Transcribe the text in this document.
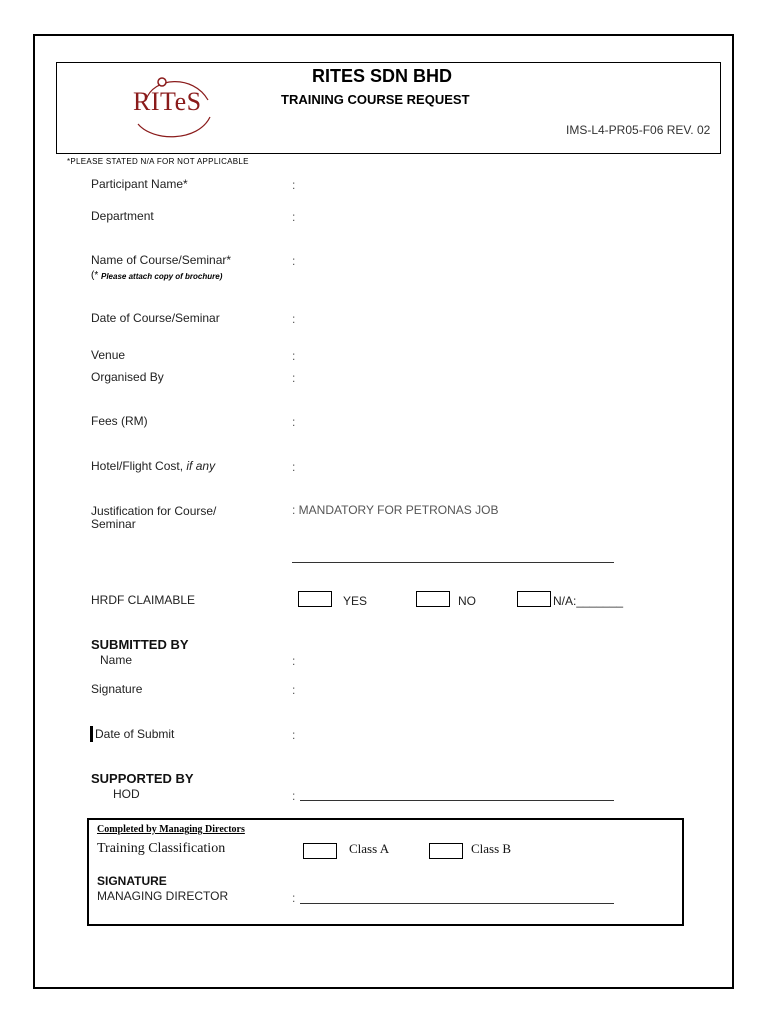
RITeS
RITES SDN BHD
TRAINING COURSE REQUEST
IMS-L4-PR05-F06 REV. 02
*PLEASE STATED N/A FOR NOT APPLICABLE
Participant Name*	:
Department	:
Name of Course/Seminar*
(* Please attach copy of brochure)
:
Date of Course/Seminar	:
Venue	:
Organised By	:
Fees (RM)	:
Hotel/Flight Cost, if any	:
Justification for Course/
Seminar
: MANDATORY FOR PETRONAS JOB
HRDF CLAIMABLE	YES	NO	N/A:_______
SUBMITTED BY
Name	:
Signature	:
Date of Submit	:
SUPPORTED BY
HOD	:
Completed by Managing Directors
Training Classification	Class A	Class B
SIGNATURE
MANAGING DIRECTOR	:
